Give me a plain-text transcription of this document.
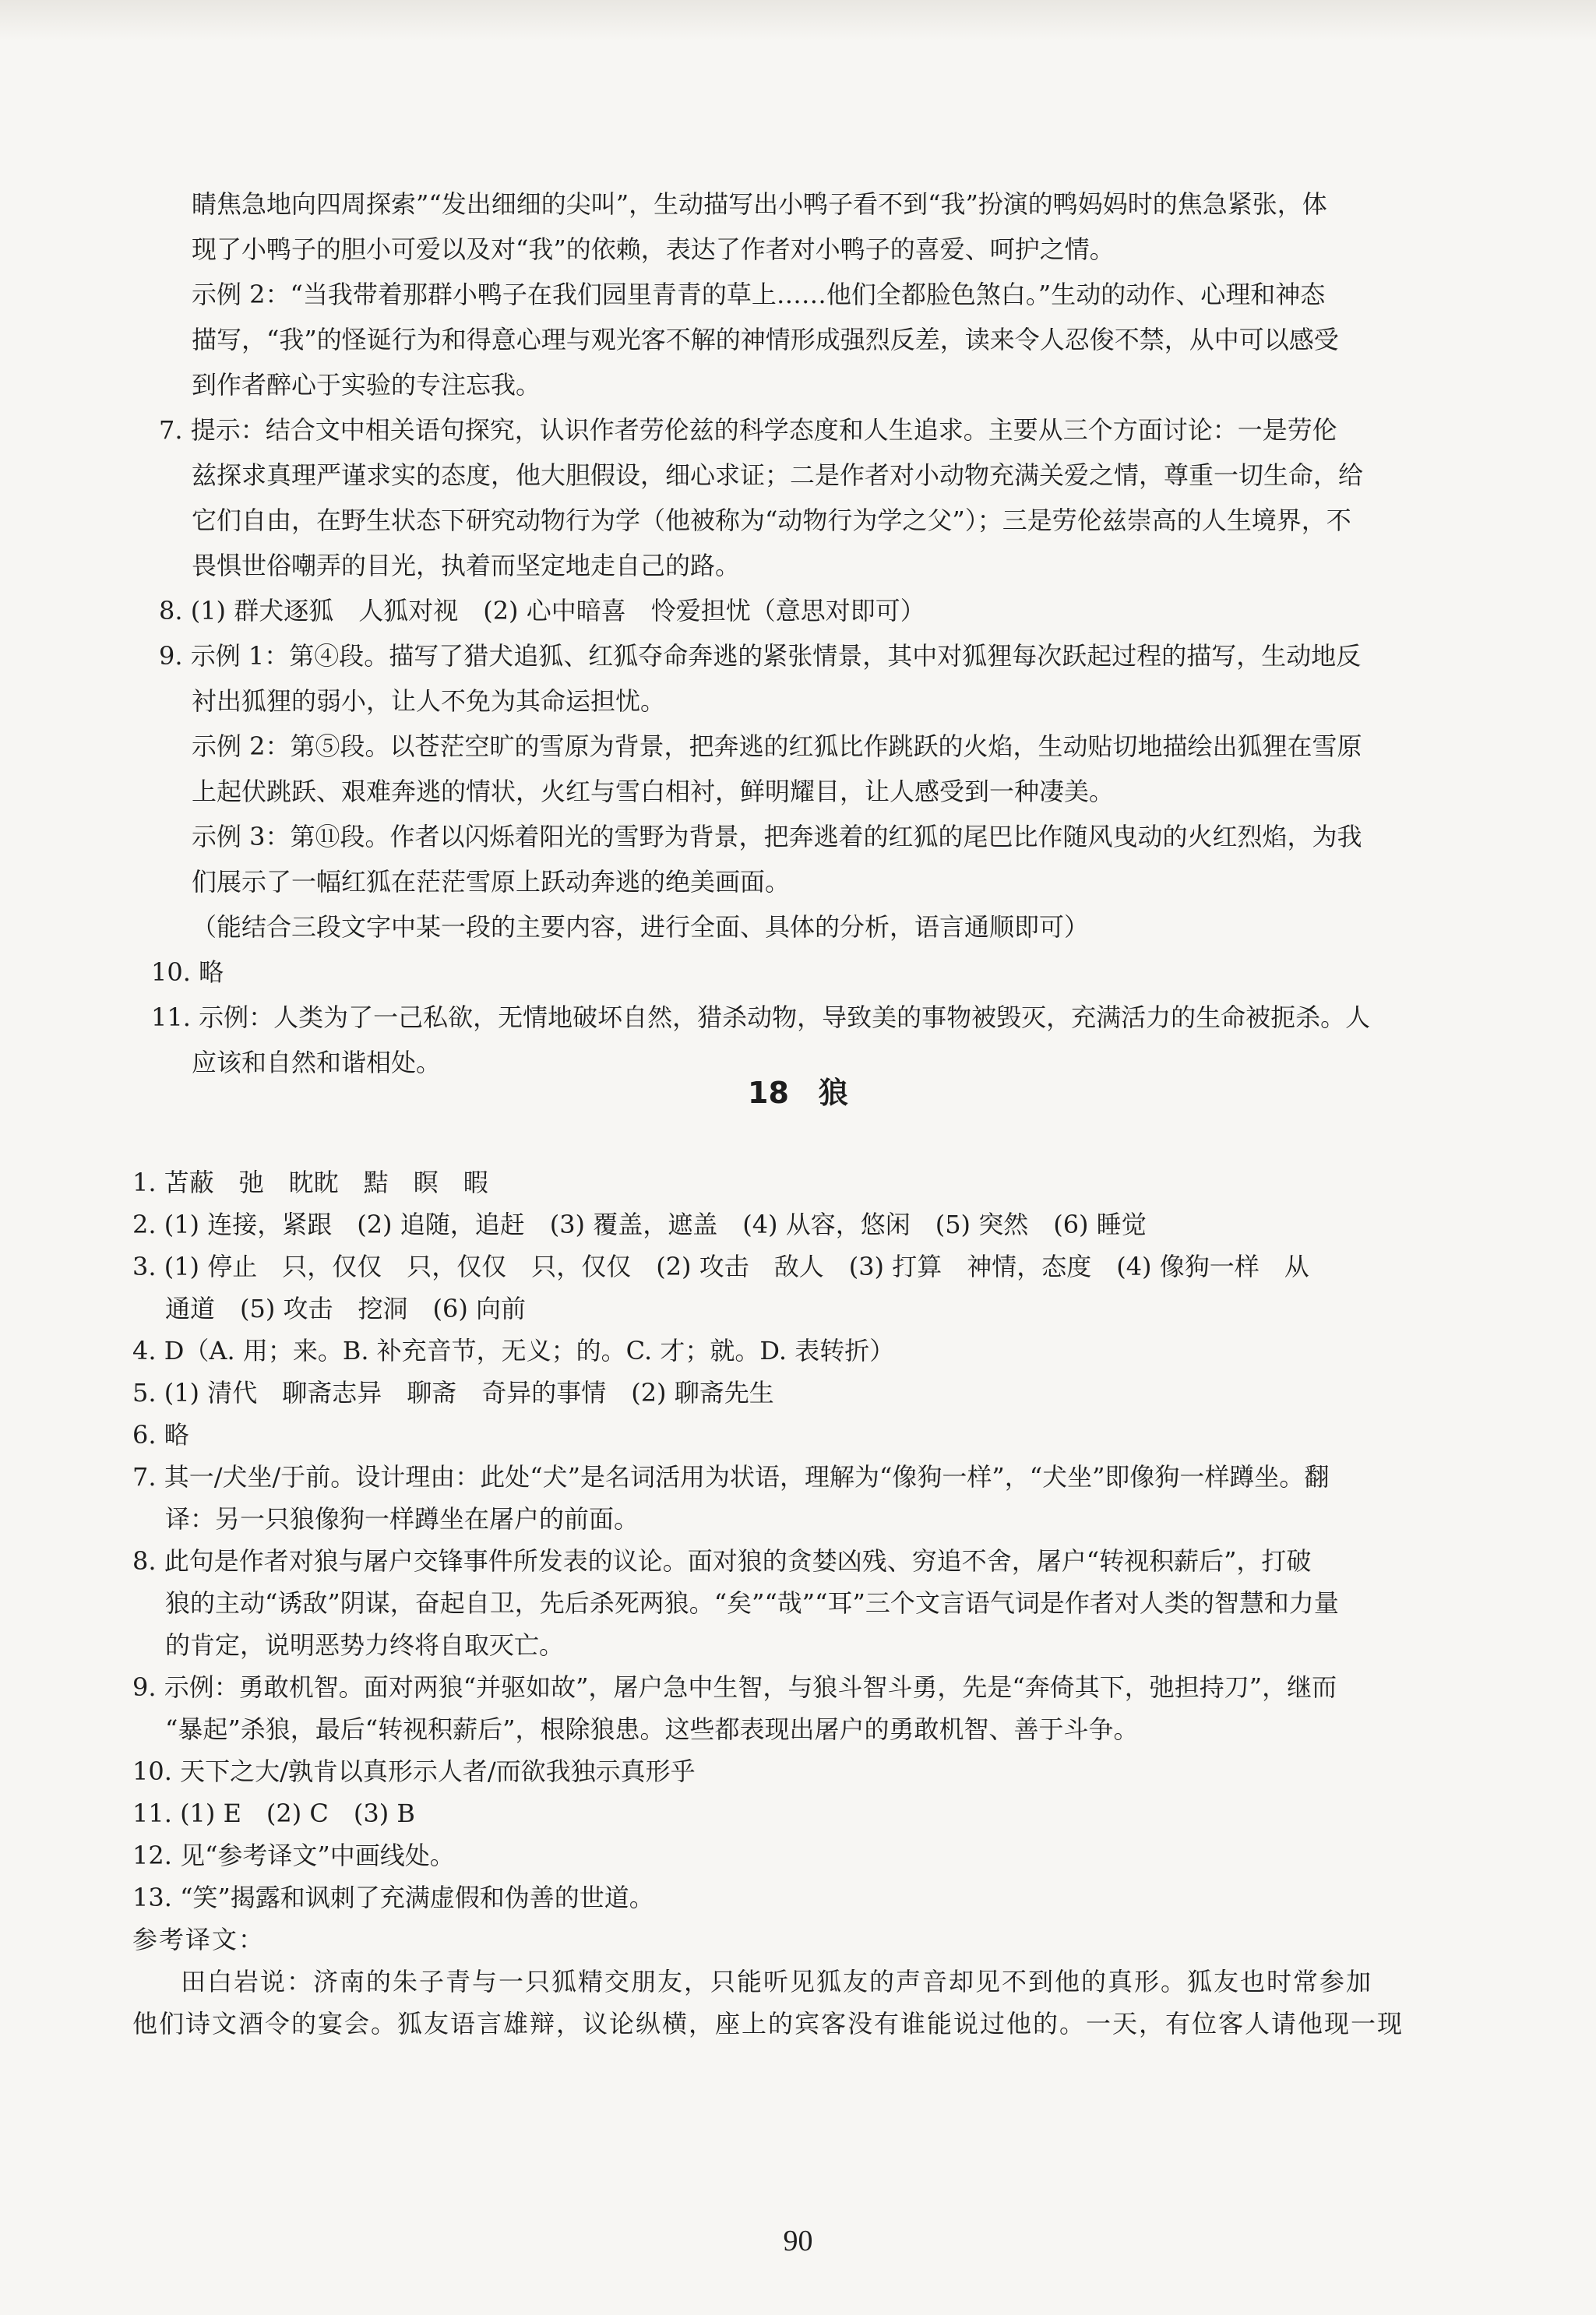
睛焦急地向四周探索”“发出细细的尖叫”，生动描写出小鸭子看不到“我”扮演的鸭妈妈时的焦急紧张，体
现了小鸭子的胆小可爱以及对“我”的依赖，表达了作者对小鸭子的喜爱、呵护之情。
示例 2：“当我带着那群小鸭子在我们园里青青的草上……他们全都脸色煞白。”生动的动作、心理和神态
描写，“我”的怪诞行为和得意心理与观光客不解的神情形成强烈反差，读来令人忍俊不禁，从中可以感受
到作者醉心于实验的专注忘我。
7. 提示：结合文中相关语句探究，认识作者劳伦兹的科学态度和人生追求。主要从三个方面讨论：一是劳伦
兹探求真理严谨求实的态度，他大胆假设，细心求证；二是作者对小动物充满关爱之情，尊重一切生命，给
它们自由，在野生状态下研究动物行为学（他被称为“动物行为学之父”）；三是劳伦兹崇高的人生境界，不
畏惧世俗嘲弄的目光，执着而坚定地走自己的路。
8. (1) 群犬逐狐　人狐对视　(2) 心中暗喜　怜爱担忧（意思对即可）
9. 示例 1：第④段。描写了猎犬追狐、红狐夺命奔逃的紧张情景，其中对狐狸每次跃起过程的描写，生动地反
衬出狐狸的弱小，让人不免为其命运担忧。
示例 2：第⑤段。以苍茫空旷的雪原为背景，把奔逃的红狐比作跳跃的火焰，生动贴切地描绘出狐狸在雪原
上起伏跳跃、艰难奔逃的情状，火红与雪白相衬，鲜明耀目，让人感受到一种凄美。
示例 3：第⑪段。作者以闪烁着阳光的雪野为背景，把奔逃着的红狐的尾巴比作随风曳动的火红烈焰，为我
们展示了一幅红狐在茫茫雪原上跃动奔逃的绝美画面。
（能结合三段文字中某一段的主要内容，进行全面、具体的分析，语言通顺即可）
10. 略
11. 示例：人类为了一己私欲，无情地破坏自然，猎杀动物，导致美的事物被毁灭，充满活力的生命被扼杀。人
应该和自然和谐相处。
18　狼
1. 苫蔽　弛　眈眈　黠　瞑　暇
2. (1) 连接，紧跟　(2) 追随，追赶　(3) 覆盖，遮盖　(4) 从容，悠闲　(5) 突然　(6) 睡觉
3. (1) 停止　只，仅仅　只，仅仅　只，仅仅　(2) 攻击　敌人　(3) 打算　神情，态度　(4) 像狗一样　从
通道　(5) 攻击　挖洞　(6) 向前
4. D（A. 用；来。B. 补充音节，无义；的。C. 才；就。D. 表转折）
5. (1) 清代　聊斋志异　聊斋　奇异的事情　(2) 聊斋先生
6. 略
7. 其一/犬坐/于前。设计理由：此处“犬”是名词活用为状语，理解为“像狗一样”，“犬坐”即像狗一样蹲坐。翻
译：另一只狼像狗一样蹲坐在屠户的前面。
8. 此句是作者对狼与屠户交锋事件所发表的议论。面对狼的贪婪凶残、穷追不舍，屠户“转视积薪后”，打破
狼的主动“诱敌”阴谋，奋起自卫，先后杀死两狼。“矣”“哉”“耳”三个文言语气词是作者对人类的智慧和力量
的肯定，说明恶势力终将自取灭亡。
9. 示例：勇敢机智。面对两狼“并驱如故”，屠户急中生智，与狼斗智斗勇，先是“奔倚其下，弛担持刀”，继而
“暴起”杀狼，最后“转视积薪后”，根除狼患。这些都表现出屠户的勇敢机智、善于斗争。
10. 天下之大/孰肯以真形示人者/而欲我独示真形乎
11. (1) E　(2) C　(3) B
12. 见“参考译文”中画线处。
13. “笑”揭露和讽刺了充满虚假和伪善的世道。
参考译文：
田白岩说：济南的朱子青与一只狐精交朋友，只能听见狐友的声音却见不到他的真形。狐友也时常参加
他们诗文酒令的宴会。狐友语言雄辩，议论纵横，座上的宾客没有谁能说过他的。一天，有位客人请他现一现
90
